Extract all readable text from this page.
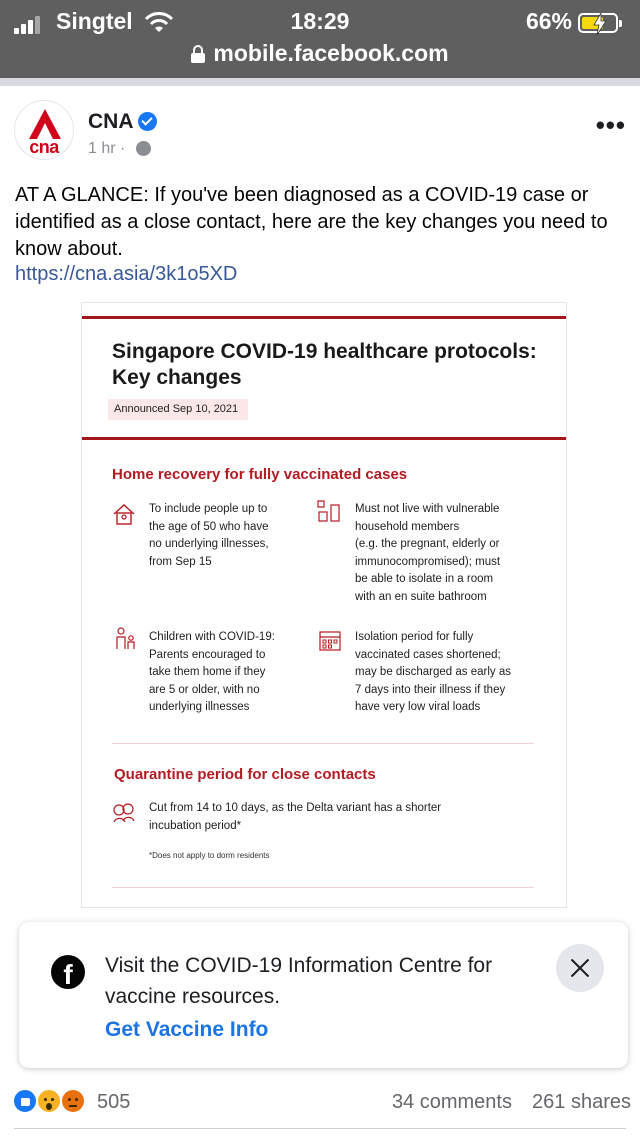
Singtel	18:29	66%
mobile.facebook.com
cna
CNA
1 hr ·
•••
AT A GLANCE: If you've been diagnosed as a COVID-19 case or identified as a close contact, here are the key changes you need to know about.
https://cna.asia/3k1o5XD
Singapore COVID-19 healthcare protocols:
Key changes
Announced Sep 10, 2021
Home recovery for fully vaccinated cases
To include people up to
the age of 50 who have
no underlying illnesses,
from Sep 15
Must not live with vulnerable
household members
(e.g. the pregnant, elderly or
immunocompromised); must
be able to isolate in a room
with an en suite bathroom
Children with COVID-19:
Parents encouraged to
take them home if they
are 5 or older, with no
underlying illnesses
Isolation period for fully
vaccinated cases shortened;
may be discharged as early as
7 days into their illness if they
have very low viral loads
Quarantine period for close contacts
Cut from 14 to 10 days, as the Delta variant has a shorter
incubation period*
*Does not apply to dorm residents
f	Visit the COVID-19 Information Centre for vaccine resources.
Get Vaccine Info
505	34 comments 261 shares
